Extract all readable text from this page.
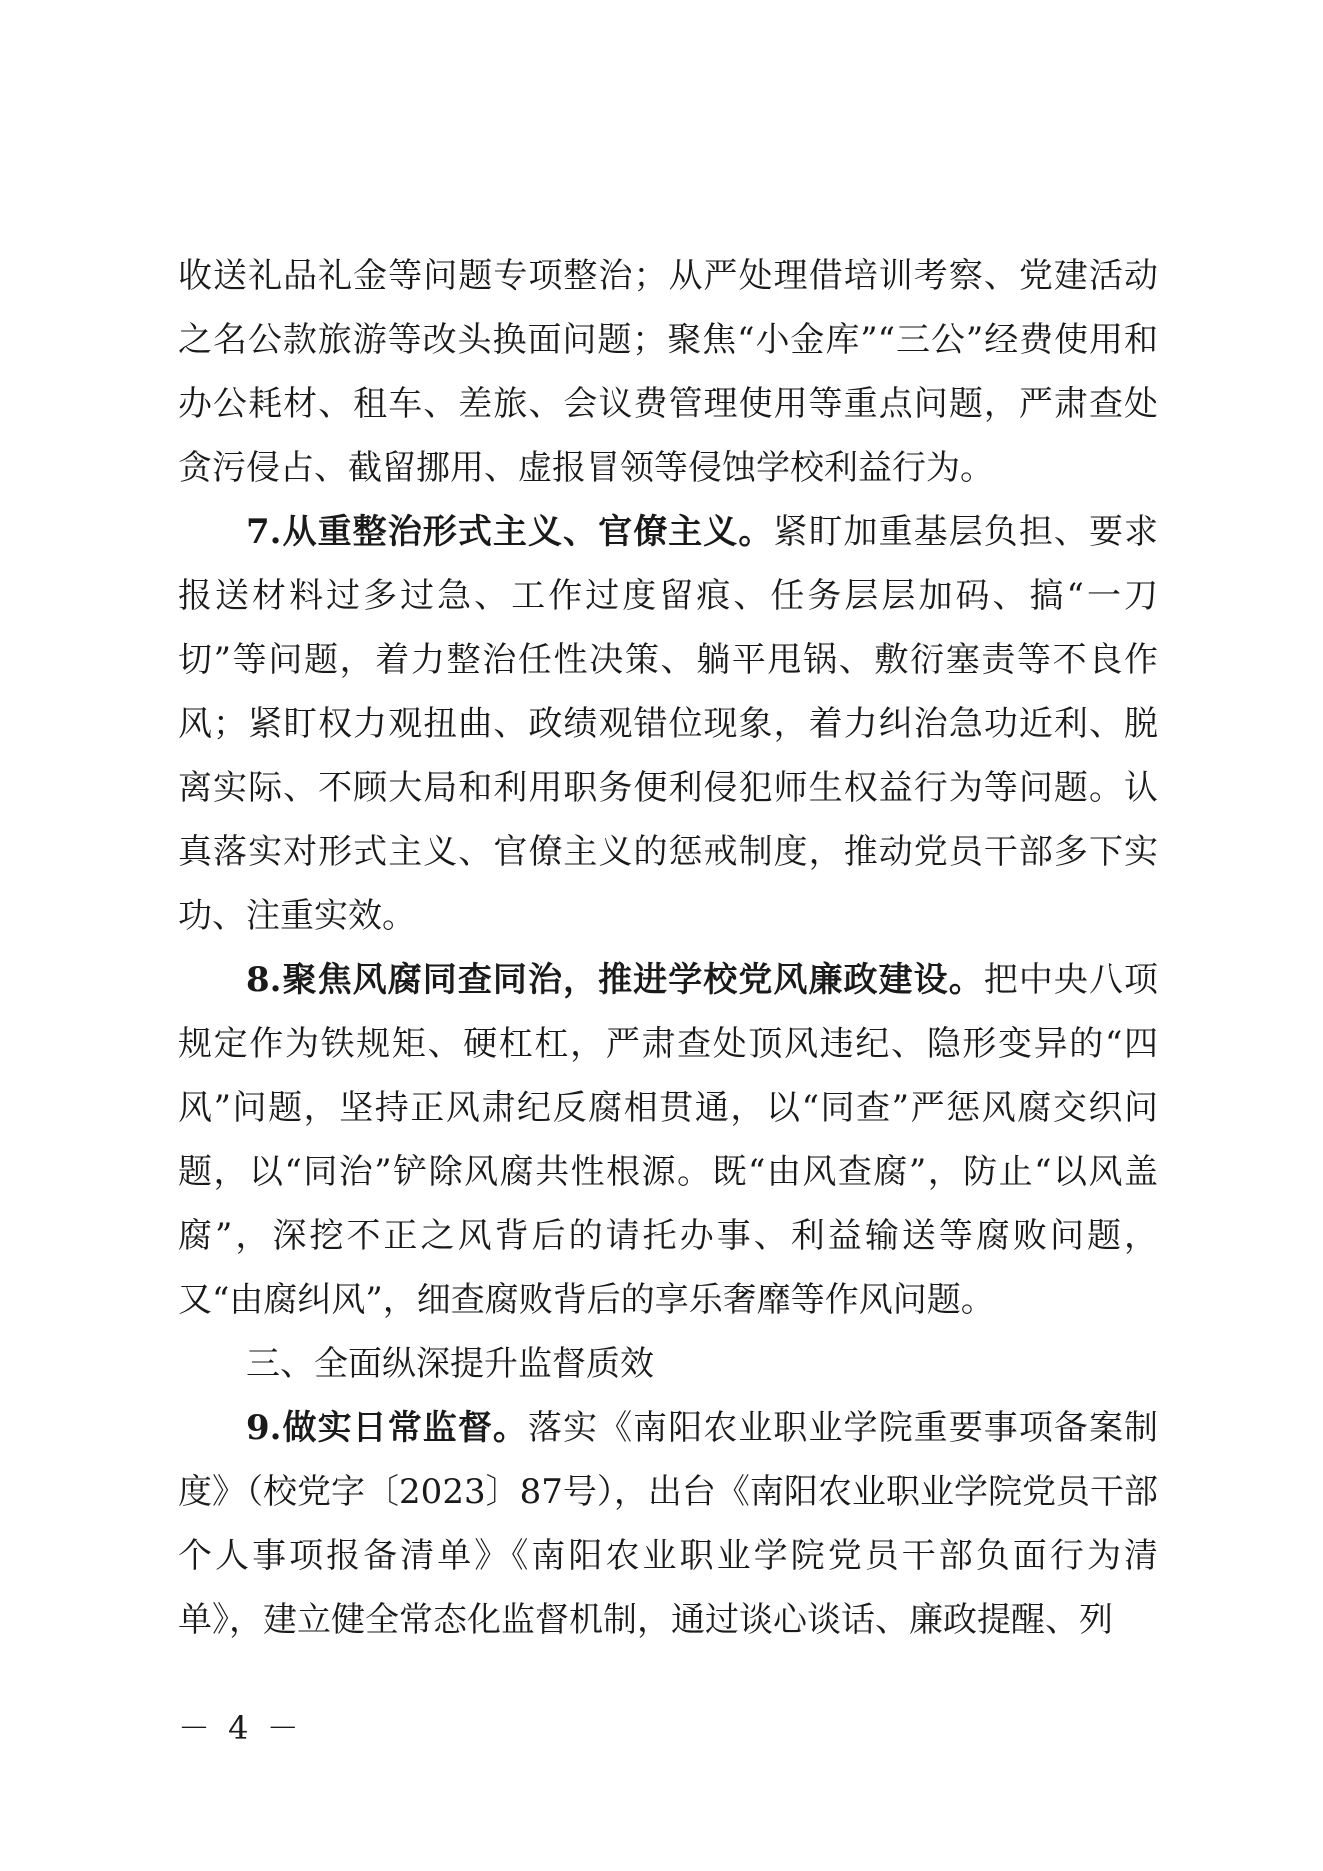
收送礼品礼金等问题专项整治；从严处理借培训考察、党建活动之名公款旅游等改头换面问题；聚焦“小金库”“三公”经费使用和办公耗材、租车、差旅、会议费管理使用等重点问题，严肃查处贪污侵占、截留挪用、虚报冒领等侵蚀学校利益行为。

7.从重整治形式主义、官僚主义。紧盯加重基层负担、要求报送材料过多过急、工作过度留痕、任务层层加码、搞“一刀切”等问题，着力整治任性决策、躺平甩锅、敷衍塞责等不良作风；紧盯权力观扭曲、政绩观错位现象，着力纠治急功近利、脱离实际、不顾大局和利用职务便利侵犯师生权益行为等问题。认真落实对形式主义、官僚主义的惩戒制度，推动党员干部多下实功、注重实效。

8.聚焦风腐同查同治，推进学校党风廉政建设。把中央八项规定作为铁规矩、硬杠杠，严肃查处顶风违纪、隐形变异的“四风”问题，坚持正风肃纪反腐相贯通，以“同查”严惩风腐交织问题，以“同治”铲除风腐共性根源。既“由风查腐”，防止“以风盖腐”，深挖不正之风背后的请托办事、利益输送等腐败问题，又“由腐纠风”，细查腐败背后的享乐奢靡等作风问题。

三、全面纵深提升监督质效

9.做实日常监督。落实《南阳农业职业学院重要事项备案制度》（校党字〔2023〕87号），出台《南阳农业职业学院党员干部个人事项报备清单》《南阳农业职业学院党员干部负面行为清单》，建立健全常态化监督机制，通过谈心谈话、廉政提醒、列

－ 4 －
